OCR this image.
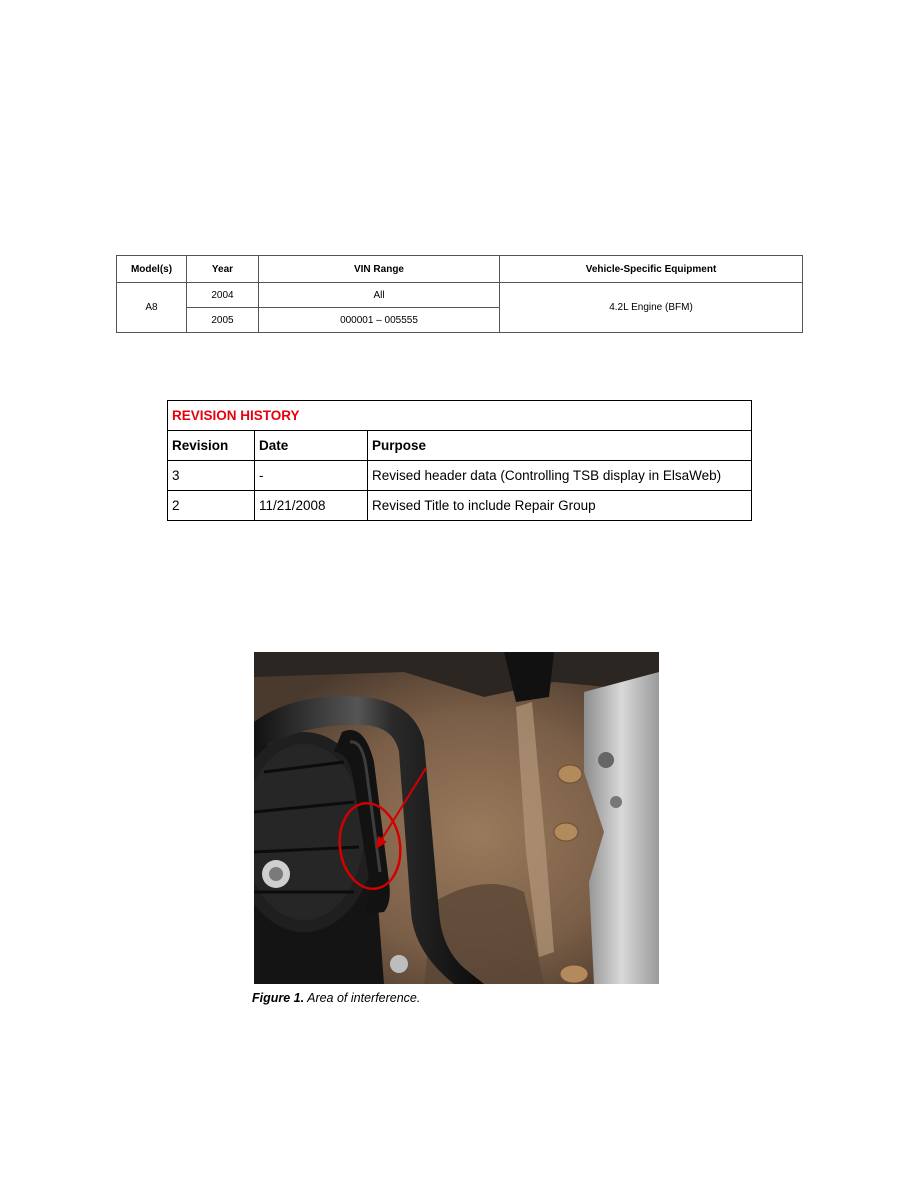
Model(s)	Year	VIN Range	Vehicle-Specific Equipment
A8	2004	All	4.2L Engine (BFM)
	2005	000001 – 005555	
REVISION HISTORY		
Revision	Date	Purpose
3	-	Revised header data (Controlling TSB display in ElsaWeb)
2	11/21/2008	Revised Title to include Repair Group
Figure 1. Area of interference.
